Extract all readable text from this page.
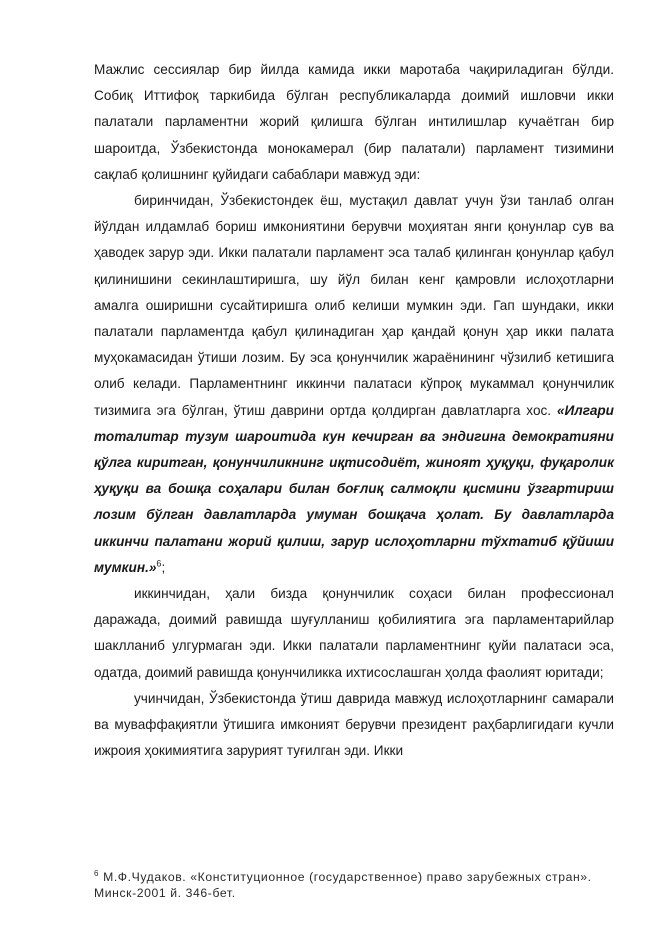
Мажлис сессиялар бир йилда камида икки маротаба чақириладиган бўлди. Собиқ Иттифоқ таркибида бўлган республикаларда доимий ишловчи икки палатали парламентни жорий қилишга бўлган интилишлар кучаётган бир шароитда, Ўзбекистонда монокамерал (бир палатали) парламент тизимини сақлаб қолишнинг қуйидаги сабаблари мавжуд эди:

биринчидан, Ўзбекистондек ёш, мустақил давлат учун ўзи танлаб олган йўлдан илдамлаб бориш имкониятини берувчи моҳиятан янги қонунлар сув ва ҳаводек зарур эди. Икки палатали парламент эса талаб қилинган қонунлар қабул қилинишини секинлаштиришга, шу йўл билан кенг қамровли ислоҳотларни амалга оширишни сусайтиришга олиб келиши мумкин эди. Гап шундаки, икки палатали парламентда қабул қилинадиган ҳар қандай қонун ҳар икки палата муҳокамасидан ўтиши лозим. Бу эса қонунчилик жараёнининг чўзилиб кетишига олиб келади. Парламентнинг иккинчи палатаси кўпроқ мукаммал қонунчилик тизимига эга бўлган, ўтиш даврини ортда қолдирган давлатларга хос. «Илгари тоталитар тузум шароитида кун кечирган ва эндигина демократияни қўлга киритган, қонунчиликнинг иқтисодиёт, жиноят ҳуқуқи, фуқаролик ҳуқуқи ва бошқа соҳалари билан боғлиқ салмоқли қисмини ўзгартириш лозим бўлган давлатларда умуман бошқача ҳолат. Бу давлатларда иккинчи палатани жорий қилиш, зарур ислоҳотларни тўхтатиб қўйиши мумкин.»$^6$;

иккинчидан, ҳали бизда қонунчилик соҳаси билан профессионал даражада, доимий равишда шуғулланиш қобилиятига эга парламентарийлар шаклланиб улгурмаган эди. Икки палатали парламентнинг қуйи палатаси эса, одатда, доимий равишда қонунчиликка ихтисослашган ҳолда фаолият юритади;

учинчидан, Ўзбекистонда ўтиш даврида мавжуд ислоҳотларнинг самарали ва муваффақиятли ўтишига имконият берувчи президент раҳбарлигидаги кучли ижроия ҳокимиятига зарурият туғилган эди. Икки

$^6$ М.Ф.Чудаков. «Конституционное (государственное) право зарубежных стран». Минск-2001 й. 346-бет.
